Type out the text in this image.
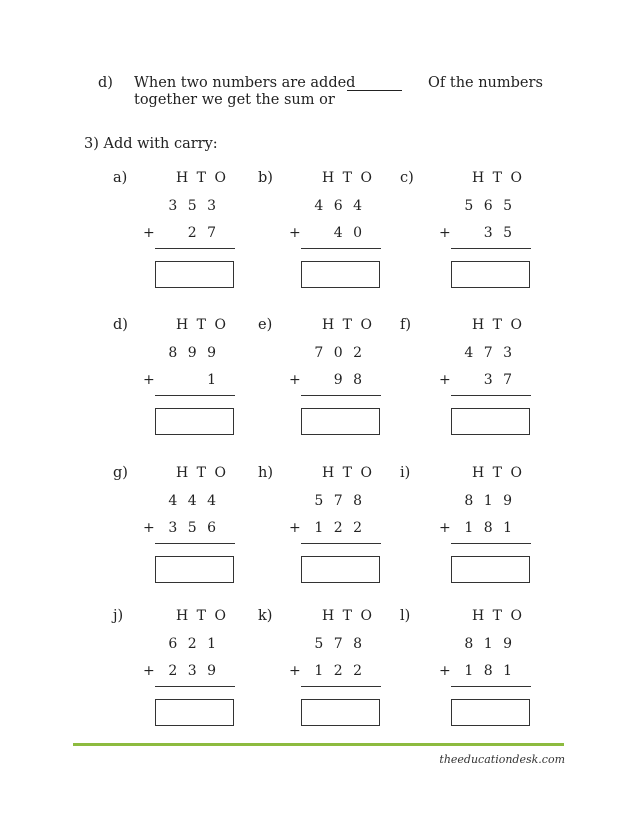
d) When two numbers are added	Of the numbers
together we get the sum or
3) Add with carry:
a)	H T O
3 5 3
+ 2 7
b)	H T O
4 6 4
+ 4 0
c)	H T O
5 6 5
+ 3 5
d)	H T O
8 9 9
+	1
e)	H T O
7 0 2
+ 9 8
f)	H T O
4 7 3
+ 3 7
g)	H T O
4 4 4
+ 3 5 6
h)	H T O
5 7 8
+ 1 2 2
i)	H T O
8 1 9
+ 1 8 1
j)	H T O
6 2 1
+ 2 3 9
k)	H T O
5 7 8
+ 1 2 2
l)	H T O
8 1 9
+ 1 8 1
theeducationdesk.com
